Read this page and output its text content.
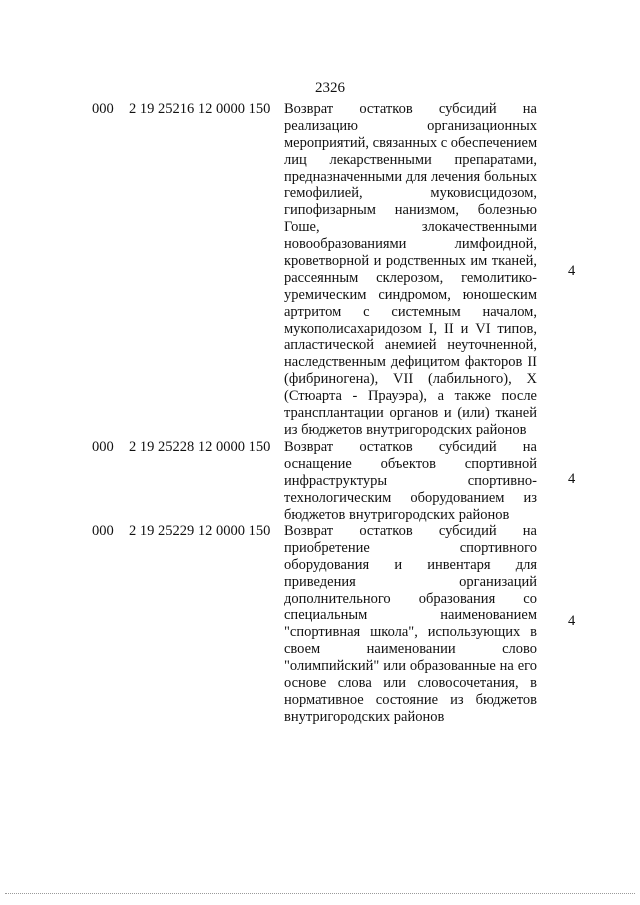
2326
000 2 19 25216 12 0000 150 Возврат остатков субсидий на
реализацию организационных
мероприятий, связанных с обеспечением
лиц лекарственными препаратами,
предназначенными для лечения больных
гемофилией, муковисцидозом,
гипофизарным нанизмом, болезнью
Гоше, злокачественными
новообразованиями лимфоидной,
кроветворной и родственных им тканей,
рассеянным склерозом, гемолитико-
уремическим синдромом, юношеским
артритом с системным началом,
мукополисахаридозом I, II и VI типов,
апластической анемией неуточненной,
наследственным дефицитом факторов II
(фибриногена), VII (лабильного), X
(Стюарта - Прауэра), а также после
трансплантации органов и (или) тканей
из бюджетов внутригородских районов
4
000 2 19 25228 12 0000 150 Возврат остатков субсидий на
оснащение объектов спортивной
инфраструктуры спортивно-
технологическим оборудованием из
бюджетов внутригородских районов
4
000 2 19 25229 12 0000 150 Возврат остатков субсидий на
приобретение спортивного
оборудования и инвентаря для
приведения организаций
дополнительного образования со
специальным наименованием
"спортивная школа", использующих в
своем наименовании слово
"олимпийский" или образованные на его
основе слова или словосочетания, в
нормативное состояние из бюджетов
внутригородских районов
4
